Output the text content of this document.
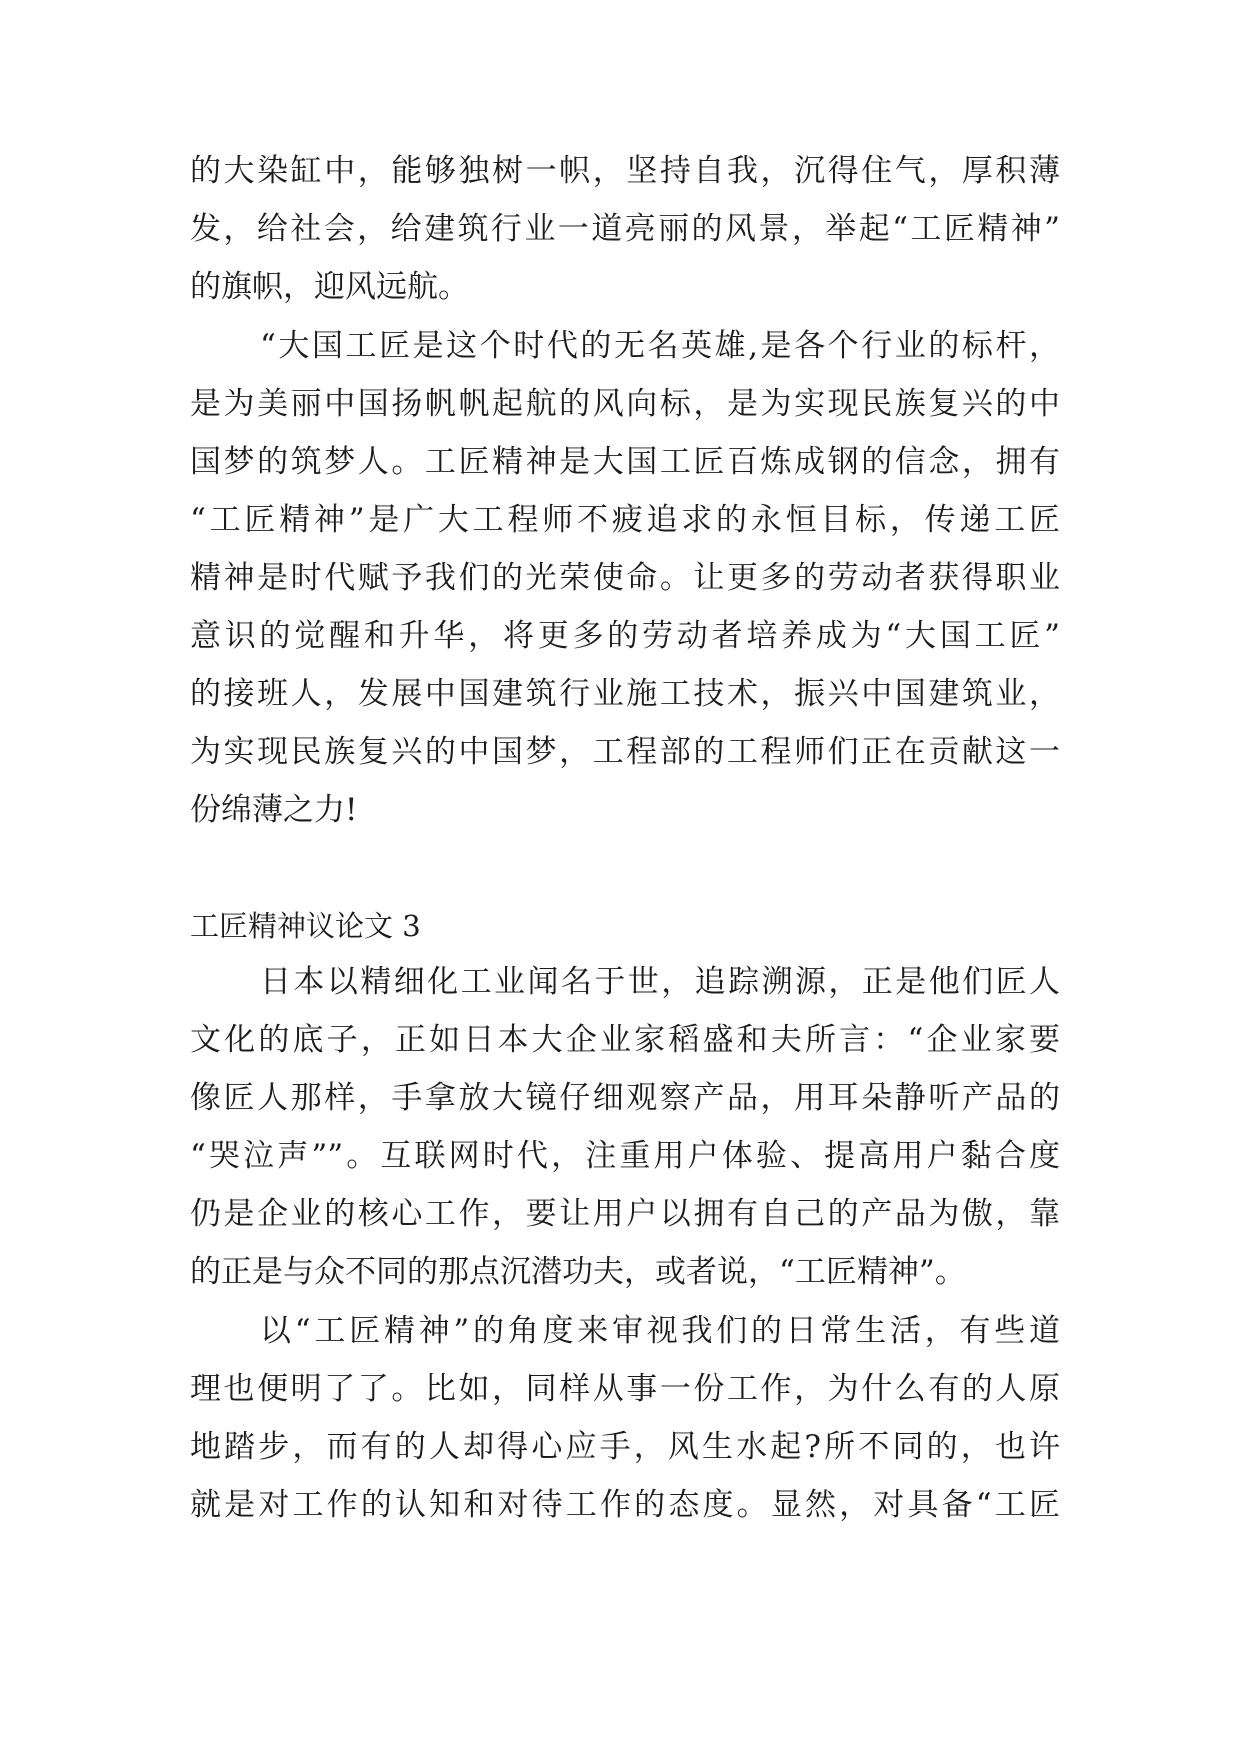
的大染缸中，能够独树一帜，坚持自我，沉得住气，厚积薄
发，给社会，给建筑行业一道亮丽的风景，举起“工匠精神”
的旗帜，迎风远航。
“大国工匠是这个时代的无名英雄,是各个行业的标杆，
是为美丽中国扬帆帆起航的风向标，是为实现民族复兴的中
国梦的筑梦人。工匠精神是大国工匠百炼成钢的信念，拥有
“工匠精神”是广大工程师不疲追求的永恒目标，传递工匠
精神是时代赋予我们的光荣使命。让更多的劳动者获得职业
意识的觉醒和升华，将更多的劳动者培养成为“大国工匠”
的接班人，发展中国建筑行业施工技术，振兴中国建筑业，
为实现民族复兴的中国梦，工程部的工程师们正在贡献这一
份绵薄之力!
工匠精神议论文 3
日本以精细化工业闻名于世，追踪溯源，正是他们匠人
文化的底子，正如日本大企业家稻盛和夫所言：“企业家要
像匠人那样，手拿放大镜仔细观察产品，用耳朵静听产品的
“哭泣声””。互联网时代，注重用户体验、提高用户黏合度
仍是企业的核心工作，要让用户以拥有自己的产品为傲，靠
的正是与众不同的那点沉潜功夫，或者说，“工匠精神”。
以“工匠精神”的角度来审视我们的日常生活，有些道
理也便明了了。比如，同样从事一份工作，为什么有的人原
地踏步，而有的人却得心应手，风生水起?所不同的，也许
就是对工作的认知和对待工作的态度。显然，对具备“工匠
